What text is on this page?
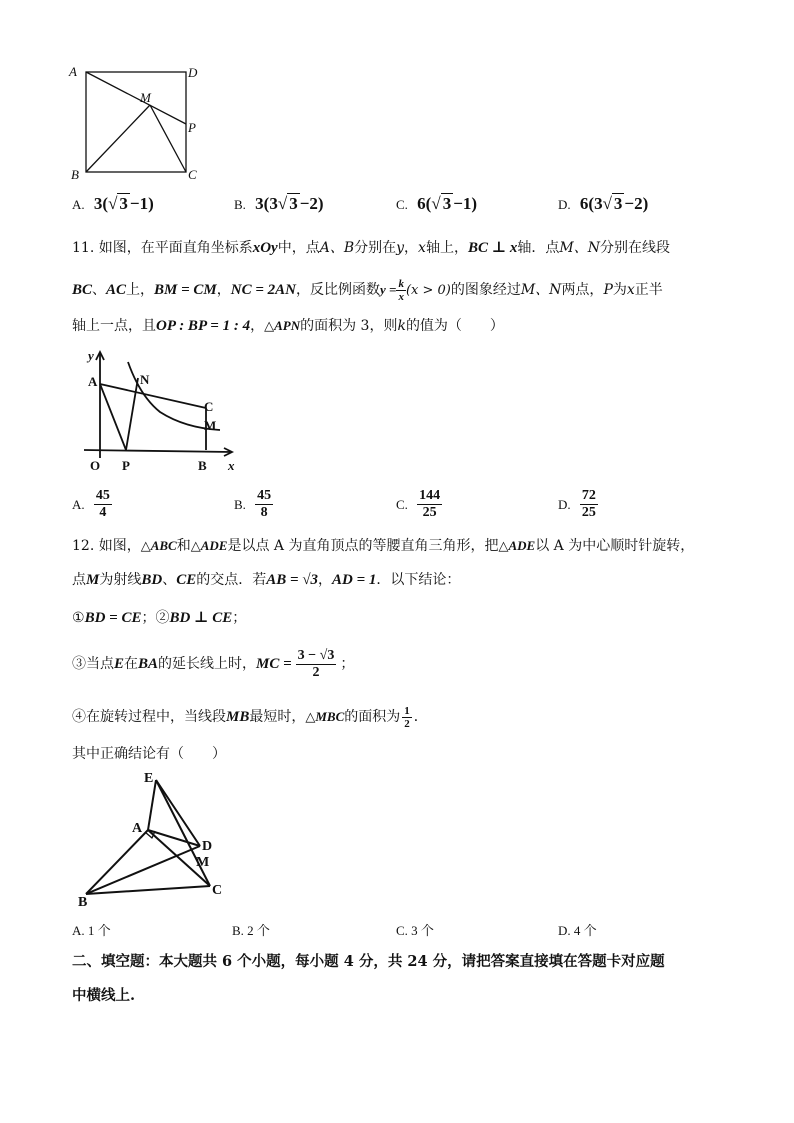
A	D
M
P
B	C
A. 3(√ 3 −1)	B. 3(3√ 3 −2)	C. 6(√ 3 −1)	D. 6(3√ 3 −2)
11. 如图，在平面直角坐标系xOy中，点A、B分别在y，x轴上，BC ⊥ x轴．点M、N分别在线段
BC、AC上，BM = CM，NC = 2AN，反比例函数$y = \frac{k}{x} (x > 0)$的图象经过M、N两点，P为x正半
轴上一点，且OP : BP = 1 : 4，△APN的面积为 3，则k的值为（　　）
y
A	N
C
M
O P	B x
A. $\frac{45}{4}$	B. $\frac{45}{8}$	C. $\frac{144}{25}$	D. $\frac{72}{25}$
12. 如图，△ABC和△ADE是以点 A 为直角顶点的等腰直角三角形，把△ADE以 A 为中心顺时针旋转，
点M为射线BD、CE的交点．若AB = √3，AD = 1．以下结论：
①BD = CE；②BD ⊥ CE；
③当点E在BA的延长线上时，MC = $\frac{3 - √3}{2}$ ；
④在旋转过程中，当线段MB最短时，△MBC的面积为 $\frac{1}{2}$ ．
其中正确结论有（　　）
E
A
D
M
B
C
A. 1 个	B. 2 个	C. 3 个	D. 4 个
二、填空题：本大题共 6 个小题，每小题 4 分，共 24 分，请把答案直接填在答题卡对应题
中横线上.
